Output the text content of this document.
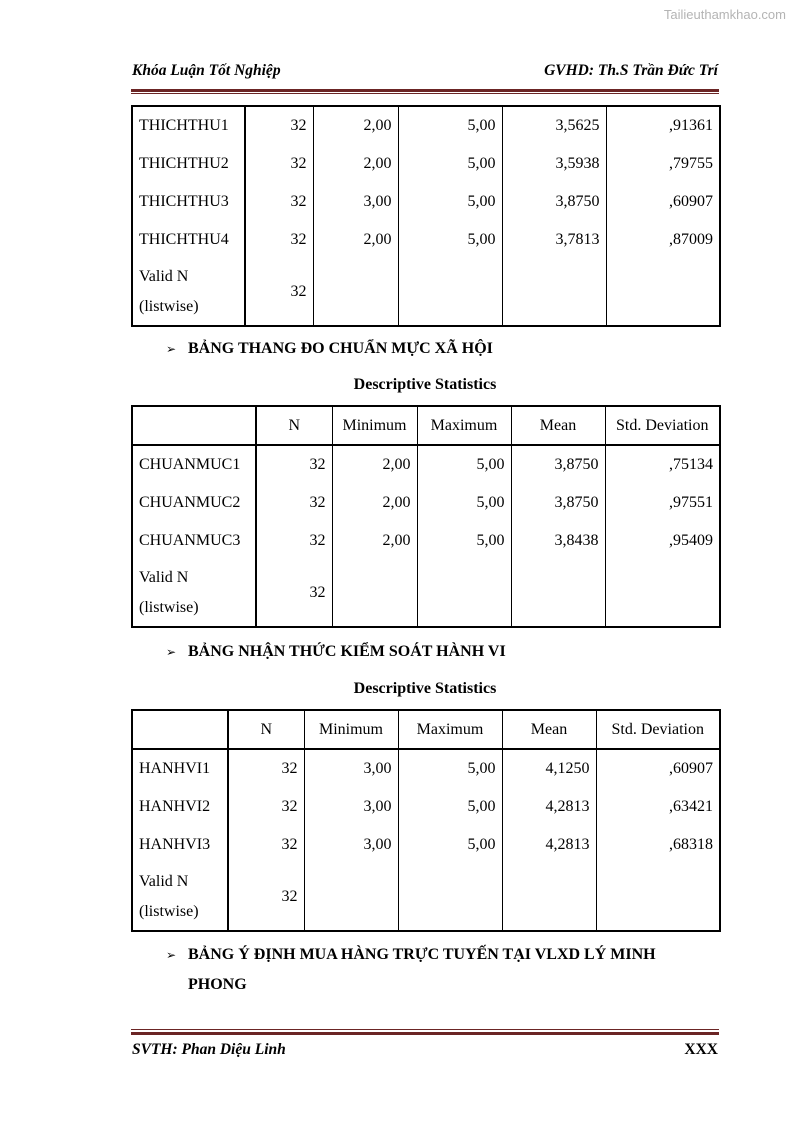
Tailieuthamkhao.com
Khóa Luận Tốt Nghiệp	GVHD: Th.S Trần Đức Trí
THICHTHU1	32	2,00	5,00	3,5625	,91361
THICHTHU2	32	2,00	5,00	3,5938	,79755
THICHTHU3	32	3,00	5,00	3,8750	,60907
THICHTHU4	32	2,00	5,00	3,7813	,87009
Valid N
(listwise)	32				
➢ BẢNG THANG ĐO CHUẨN MỰC XÃ HỘI
Descriptive Statistics
	N	Minimum	Maximum	Mean	Std. Deviation
CHUANMUC1	32	2,00	5,00	3,8750	,75134
CHUANMUC2	32	2,00	5,00	3,8750	,97551
CHUANMUC3	32	2,00	5,00	3,8438	,95409
Valid N
(listwise)	32				
➢ BẢNG NHẬN THỨC KIỂM SOÁT HÀNH VI
Descriptive Statistics
	N	Minimum	Maximum	Mean	Std. Deviation
HANHVI1	32	3,00	5,00	4,1250	,60907
HANHVI2	32	3,00	5,00	4,2813	,63421
HANHVI3	32	3,00	5,00	4,2813	,68318
Valid N
(listwise)	32				
➢ BẢNG Ý ĐỊNH MUA HÀNG TRỰC TUYẾN TẠI VLXD LÝ MINH
PHONG
SVTH: Phan Diệu Linh	XXX
